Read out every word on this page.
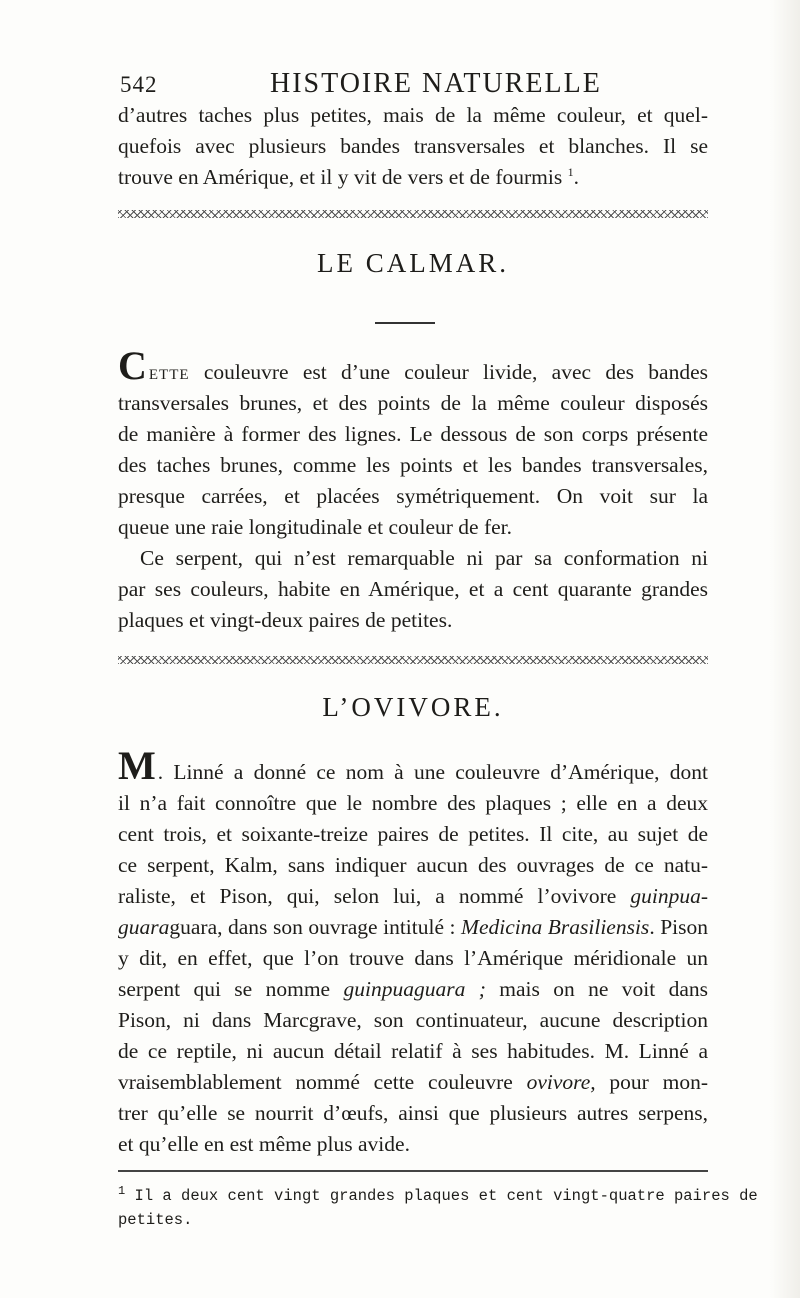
542	HISTOIRE NATURELLE
d’autres taches plus petites, mais de la même couleur, et quel-
quefois avec plusieurs bandes transversales et blanches. Il se
trouve en Amérique, et il y vit de vers et de fourmis $^1$.
LE CALMAR.
Cette couleuvre est d’une couleur livide, avec des bandes
transversales brunes, et des points de la même couleur disposés
de manière à former des lignes. Le dessous de son corps présente
des taches brunes, comme les points et les bandes transversales,
presque carrées, et placées symétriquement. On voit sur la
queue une raie longitudinale et couleur de fer.
Ce serpent, qui n’est remarquable ni par sa conformation ni
par ses couleurs, habite en Amérique, et a cent quarante grandes
plaques et vingt-deux paires de petites.
L’OVIVORE.
M. Linné a donné ce nom à une couleuvre d’Amérique, dont
il n’a fait connoître que le nombre des plaques ; elle en a deux
cent trois, et soixante-treize paires de petites. Il cite, au sujet de
ce serpent, Kalm, sans indiquer aucun des ouvrages de ce natu-
raliste, et Pison, qui, selon lui, a nommé l’ovivore guinpua-
guaraguara, dans son ouvrage intitulé : Medicina Brasiliensis. Pison
y dit, en effet, que l’on trouve dans l’Amérique méridionale un
serpent qui se nomme guinpuaguara ; mais on ne voit dans
Pison, ni dans Marcgrave, son continuateur, aucune description
de ce reptile, ni aucun détail relatif à ses habitudes. M. Linné a
vraisemblablement nommé cette couleuvre ovivore, pour mon-
trer qu’elle se nourrit d’œufs, ainsi que plusieurs autres serpens,
et qu’elle en est même plus avide.
$^1$ Il a deux cent vingt grandes plaques et cent vingt-quatre paires de
petites.
